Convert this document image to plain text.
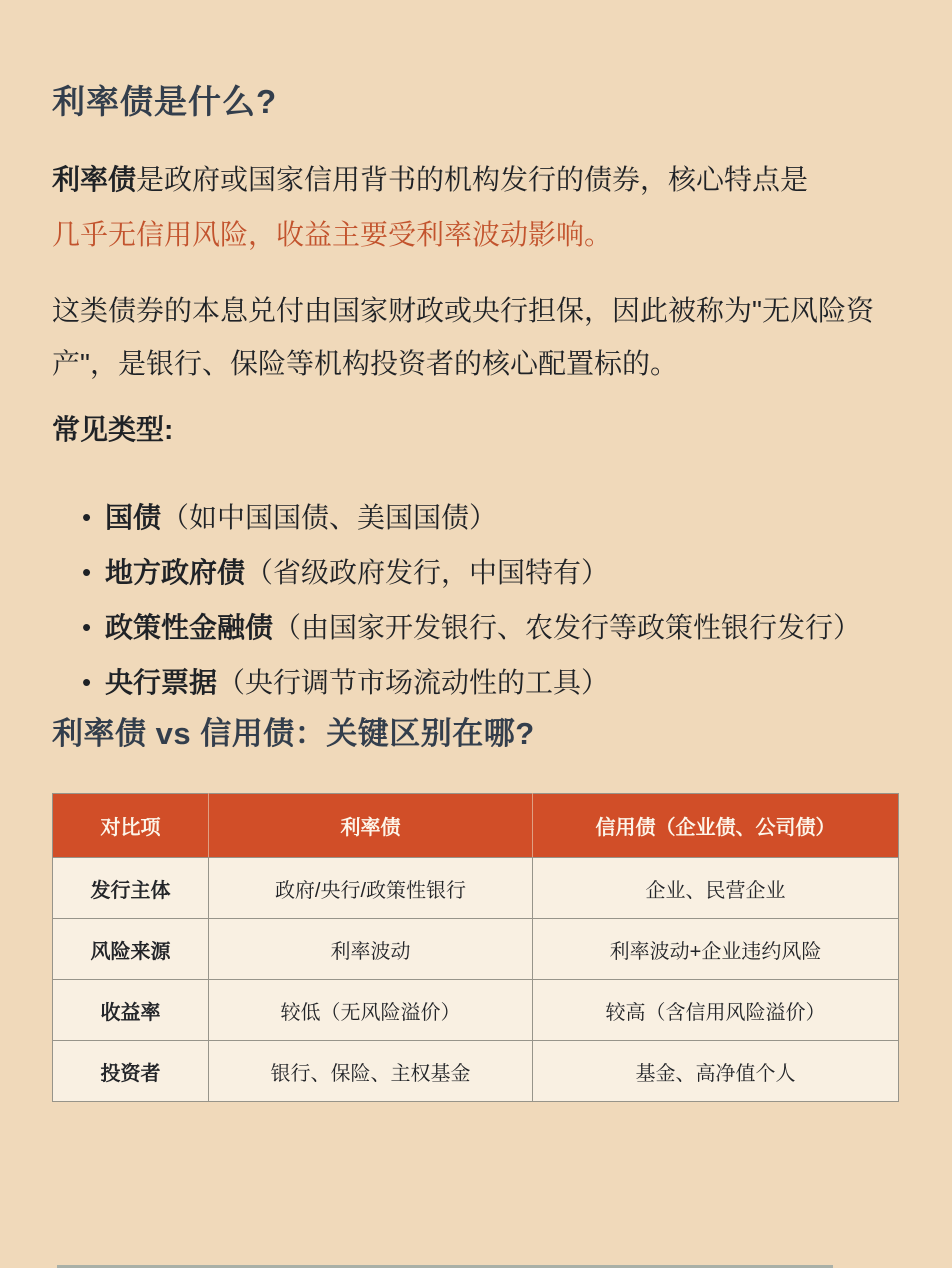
利率债是什么?

利率债是政府或国家信用背书的机构发行的债券，核心特点是
几乎无信用风险，收益主要受利率波动影响。

这类债券的本息兑付由国家财政或央行担保，因此被称为"无风险资产"，是银行、保险等机构投资者的核心配置标的。

常见类型:

• 国债（如中国国债、美国国债）
• 地方政府债（省级政府发行，中国特有）
• 政策性金融债（由国家开发银行、农发行等政策性银行发行）
• 央行票据（央行调节市场流动性的工具）
利率债 vs 信用债：关键区别在哪?
对比项	利率债	信用债（企业债、公司债）
发行主体	政府/央行/政策性银行	企业、民营企业
风险来源	利率波动	利率波动+企业违约风险
收益率	较低（无风险溢价）	较高（含信用风险溢价）
投资者	银行、保险、主权基金	基金、高净值个人
